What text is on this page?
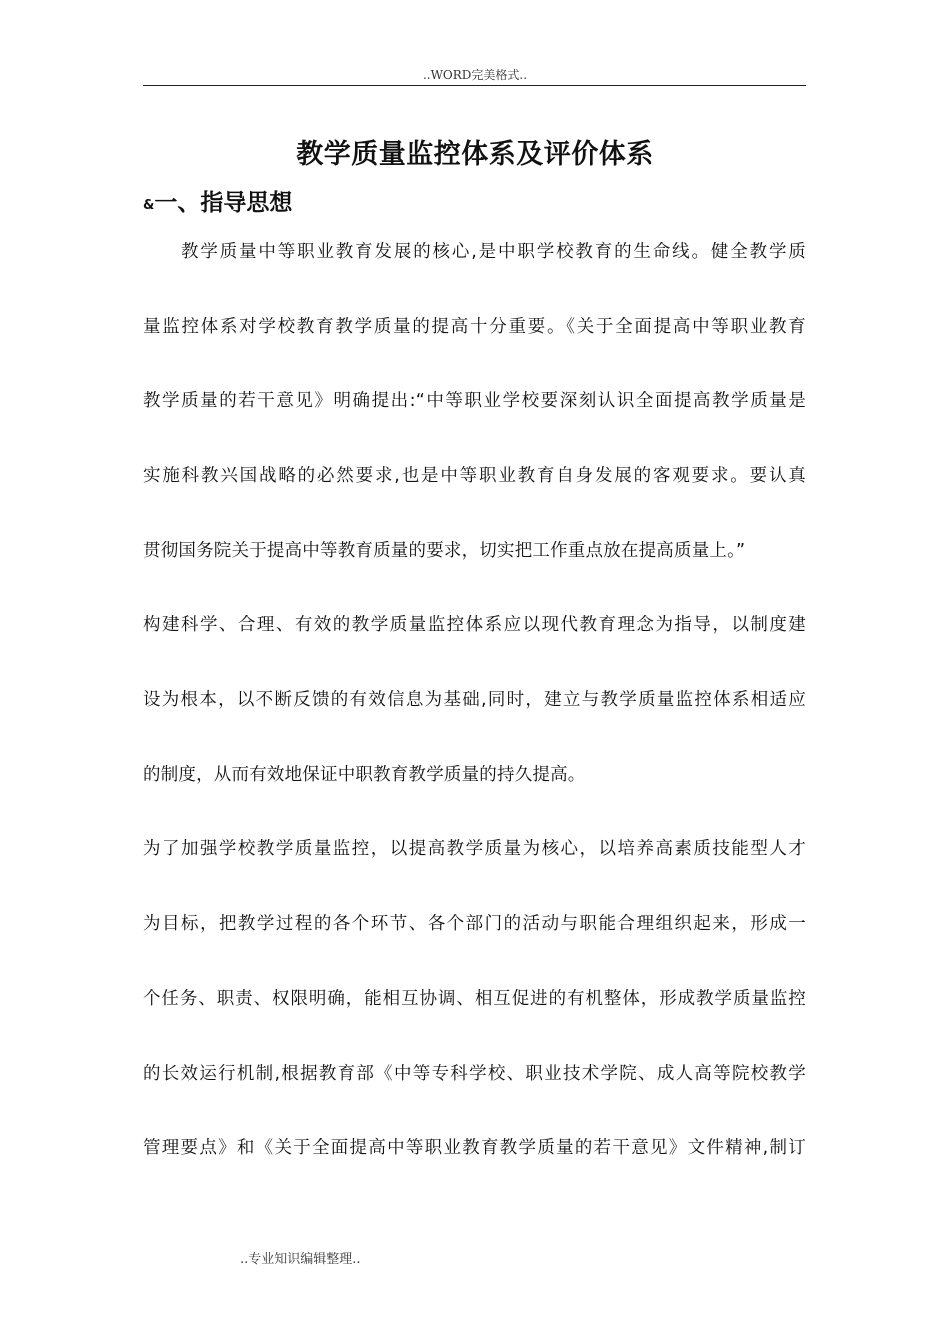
..WORD完美格式..
教学质量监控体系及评价体系
&一、指导思想
教学质量中等职业教育发展的核心,是中职学校教育的生命线。健全教学质
量监控体系对学校教育教学质量的提高十分重要。《关于全面提高中等职业教育
教学质量的若干意见》明确提出:“中等职业学校要深刻认识全面提高教学质量是
实施科教兴国战略的必然要求,也是中等职业教育自身发展的客观要求。要认真
贯彻国务院关于提高中等教育质量的要求，切实把工作重点放在提高质量上。”
构建科学、合理、有效的教学质量监控体系应以现代教育理念为指导，以制度建
设为根本，以不断反馈的有效信息为基础,同时，建立与教学质量监控体系相适应
的制度，从而有效地保证中职教育教学质量的持久提高。
为了加强学校教学质量监控，以提高教学质量为核心，以培养高素质技能型人才
为目标，把教学过程的各个环节、各个部门的活动与职能合理组织起来，形成一
个任务、职责、权限明确，能相互协调、相互促进的有机整体，形成教学质量监控
的长效运行机制,根据教育部《中等专科学校、职业技术学院、成人高等院校教学
管理要点》和《关于全面提高中等职业教育教学质量的若干意见》文件精神,制订
..专业知识编辑整理..
